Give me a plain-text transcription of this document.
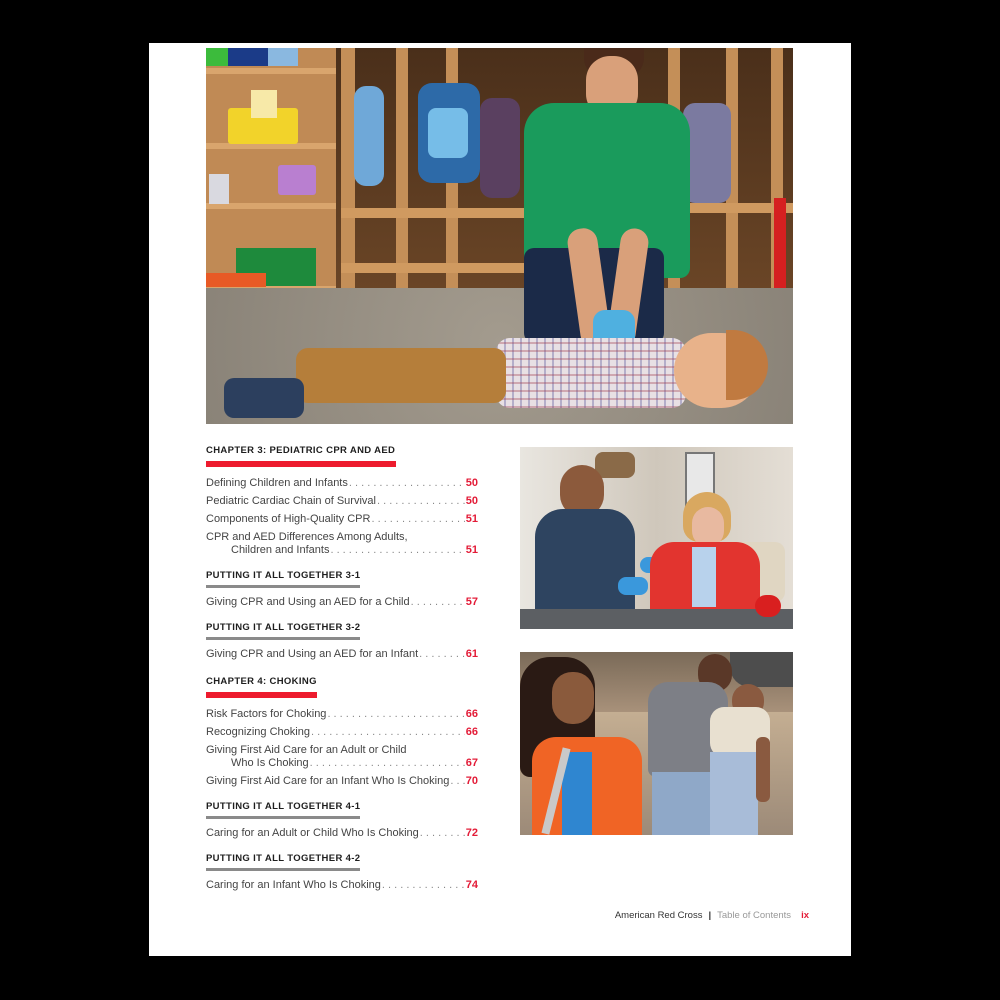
CHAPTER 3: PEDIATRIC CPR AND AED
Defining Children and Infants . . .	50
Pediatric Cardiac Chain of Survival . . .	50
Components of High-Quality CPR . . .	51
CPR and AED Differences Among Adults,
Children and Infants . . .	51
PUTTING IT ALL TOGETHER 3-1
Giving CPR and Using an AED for a Child . . .	57
PUTTING IT ALL TOGETHER 3-2
Giving CPR and Using an AED for an Infant . . .	61
CHAPTER 4: CHOKING
Risk Factors for Choking . . .	66
Recognizing Choking . . .	66
Giving First Aid Care for an Adult or Child
Who Is Choking . . .	67
Giving First Aid Care for an Infant Who Is Choking . . . 70
PUTTING IT ALL TOGETHER 4-1
Caring for an Adult or Child Who Is Choking . . .	72
PUTTING IT ALL TOGETHER 4-2
Caring for an Infant Who Is Choking . . .	74
American Red Cross | Table of Contents ix
